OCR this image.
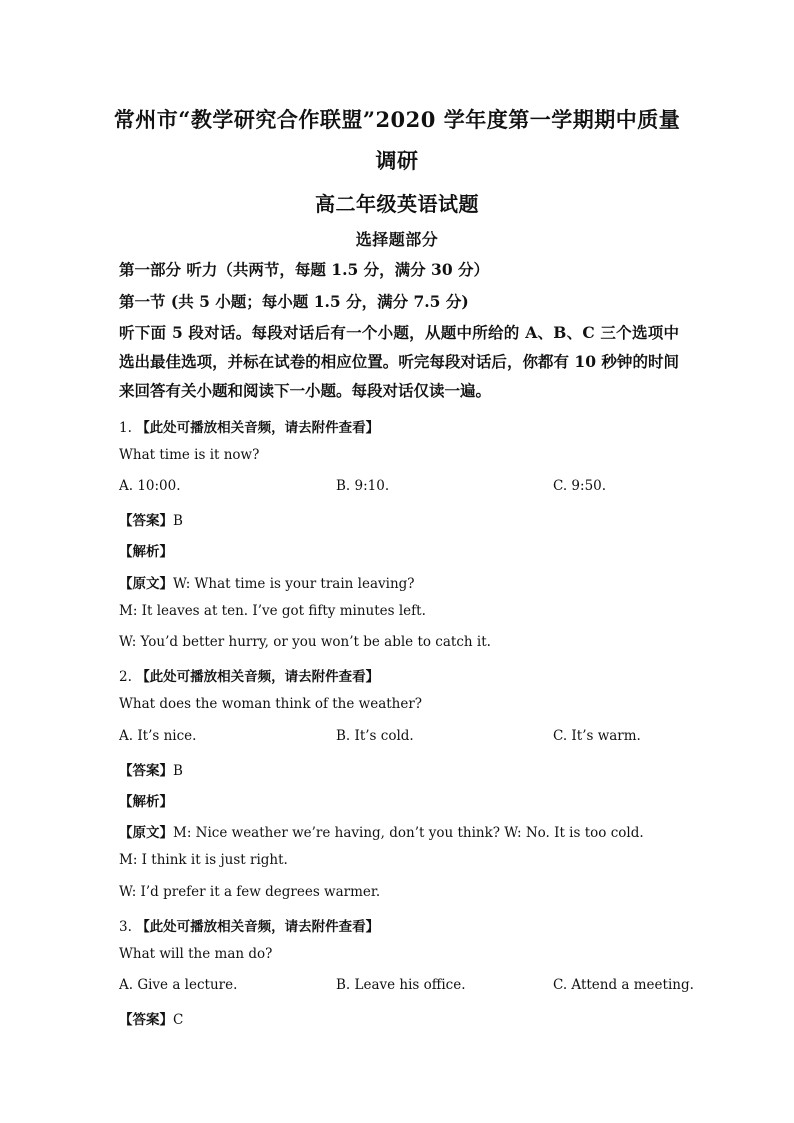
常州市“教学研究合作联盟”2020 学年度第一学期期中质量
调研
高二年级英语试题
选择题部分
第一部分 听力（共两节，每题 1.5 分，满分 30 分）
第一节 (共 5 小题；每小题 1.5 分，满分 7.5 分)
听下面 5 段对话。每段对话后有一个小题，从题中所给的 A、B、C 三个选项中选出最佳选项，并标在试卷的相应位置。听完每段对话后，你都有 10 秒钟的时间来回答有关小题和阅读下一小题。每段对话仅读一遍。
1. 【此处可播放相关音频，请去附件查看】
What time is it now?
A. 10:00.	B. 9:10.	C. 9:50.
【答案】B
【解析】
【原文】W: What time is your train leaving?
M: It leaves at ten. I’ve got fifty minutes left.
W: You’d better hurry, or you won’t be able to catch it.
2. 【此处可播放相关音频，请去附件查看】
What does the woman think of the weather?
A. It’s nice.	B. It’s cold.	C. It’s warm.
【答案】B
【解析】
【原文】M: Nice weather we’re having, don’t you think? W: No. It is too cold.
M: I think it is just right.
W: I’d prefer it a few degrees warmer.
3. 【此处可播放相关音频，请去附件查看】
What will the man do?
A. Give a lecture.	B. Leave his office.	C. Attend a meeting.
【答案】C
